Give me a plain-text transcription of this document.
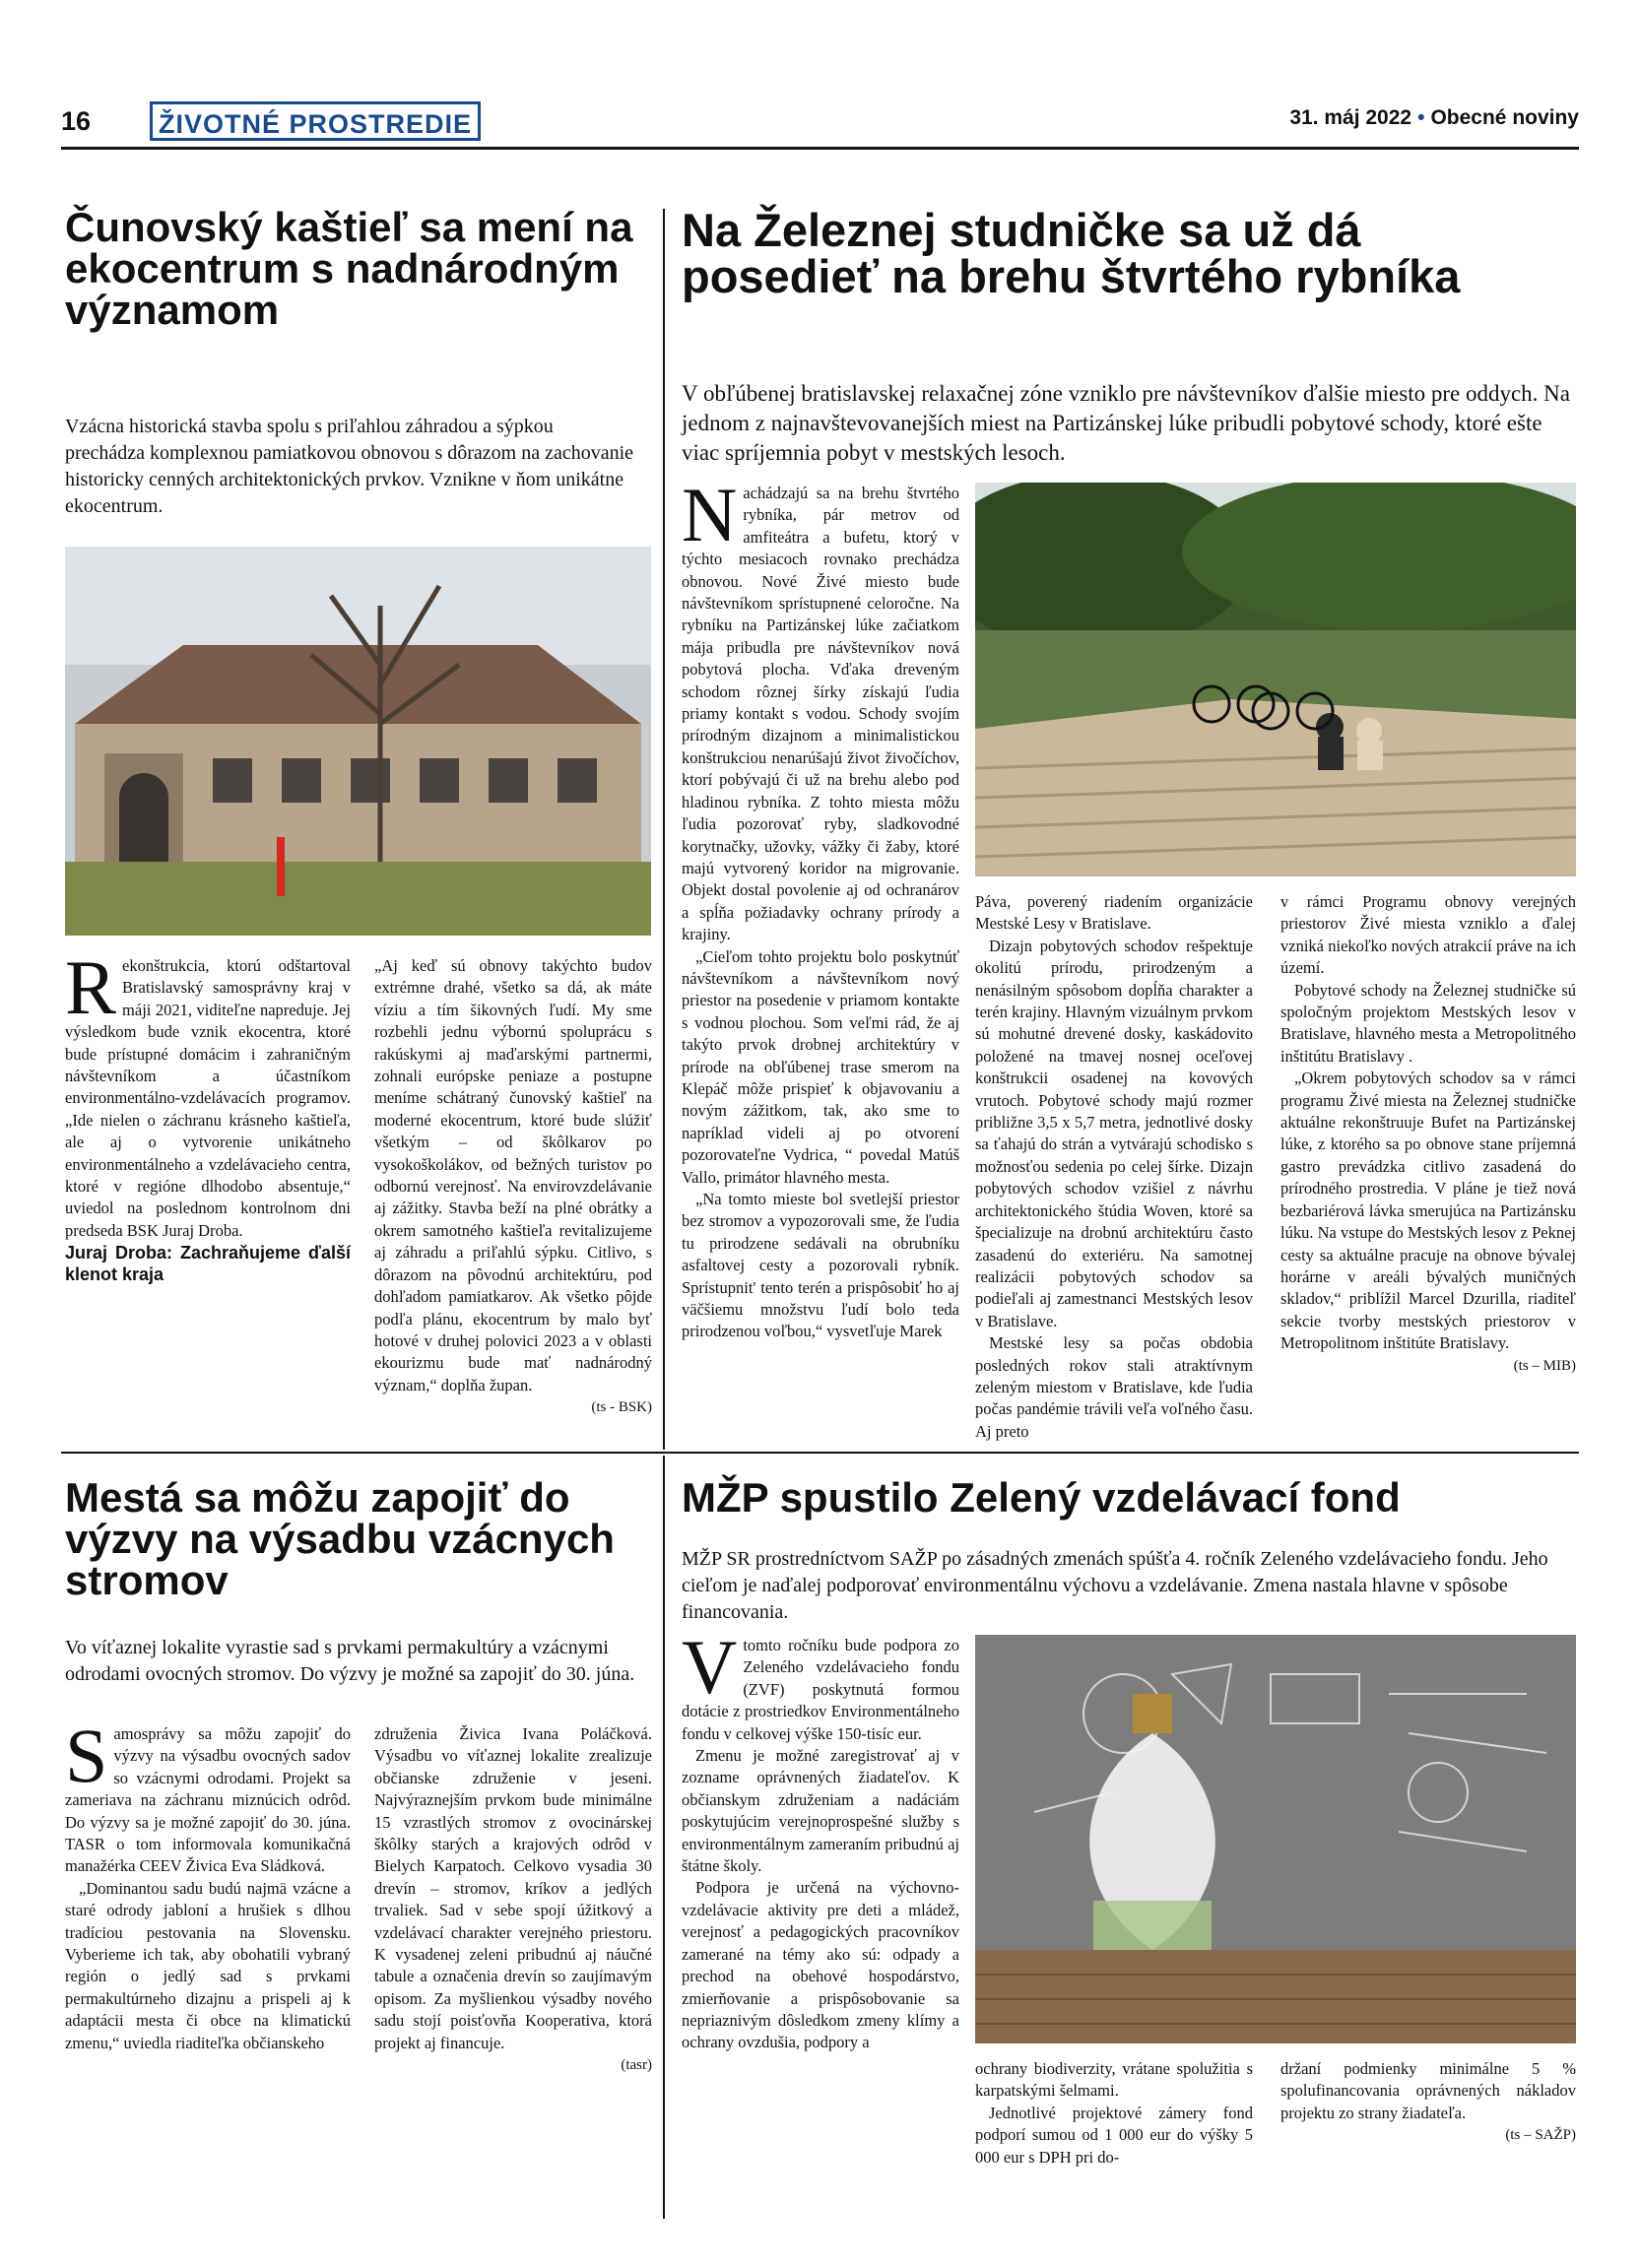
16	ŽIVOTNÉ PROSTREDIE	31. máj 2022 • Obecné noviny
Čunovský kaštieľ sa mení na ekocentrum s nadnárodným významom
Vzácna historická stavba spolu s priľahlou záhradou a sýpkou prechádza komplexnou pamiatkovou obnovou s dôrazom na zachovanie historicky cenných architektonických prvkov. Vznikne v ňom unikátne ekocentrum.

Rekonštrukcia, ktorú odštartoval Bratislavský samosprávny kraj v máji 2021, viditeľne napreduje. Jej výsledkom bude vznik ekocentra, ktoré bude prístupné domácim i zahraničným návštevníkom a účastníkom environmentálno-vzdelávacích programov. „Ide nielen o záchranu krásneho kaštieľa, ale aj o vytvorenie unikátneho environmentálneho a vzdelávacieho centra, ktoré v regióne dlhodobo absentuje,“ uviedol na poslednom kontrolnom dni predseda BSK Juraj Droba.

Juraj Droba: Zachraňujeme ďalší klenot kraja

„Aj keď sú obnovy takýchto budov extrémne drahé, všetko sa dá, ak máte víziu a tím šikovných ľudí. My sme rozbehli jednu výbornú spoluprácu s rakúskymi aj maďarskými partnermi, zohnali európske peniaze a postupne meníme schátraný čunovský kaštieľ na moderné ekocentrum, ktoré bude slúžiť všetkým – od škôlkarov po vysokoškolákov, od bežných turistov po odbornú verejnosť. Na envirovzdelávanie aj zážitky. Stavba beží na plné obrátky a okrem samotného kaštieľa revitalizujeme aj záhradu a priľahlú sýpku. Citlivo, s dôrazom na pôvodnú architektúru, pod dohľadom pamiatkarov. Ak všetko pôjde podľa plánu, ekocentrum by malo byť hotové v druhej polovici 2023 a v oblasti ekourizmu bude mať nadnárodný význam,“ doplňa župan.

(ts - BSK)

Na Železnej studničke sa už dá posedieť na brehu štvrtého rybníka
V obľúbenej bratislavskej relaxačnej zóne vzniklo pre návštevníkov ďalšie miesto pre oddych. Na jednom z najnavštevovanejších miest na Partizánskej lúke pribudli pobytové schody, ktoré ešte viac spríjemnia pobyt v mestských lesoch.

Nachádzajú sa na brehu štvrtého rybníka, pár metrov od amfiteátra a bufetu, ktorý v týchto mesiacoch rovnako prechádza obnovou. Nové Živé miesto bude návštevníkom sprístupnené celoročne. Na rybníku na Partizánskej lúke začiatkom mája pribudla pre návštevníkov nová pobytová plocha. Vďaka dreveným schodom rôznej šírky získajú ľudia priamy kontakt s vodou. Schody svojím prírodným dizajnom a minimalistickou konštrukciou nenarúšajú život živočíchov, ktorí pobývajú či už na brehu alebo pod hladinou rybníka. Z tohto miesta môžu ľudia pozorovať ryby, sladkovodné korytnačky, užovky, vážky či žaby, ktoré majú vytvorený koridor na migrovanie. Objekt dostal povolenie aj od ochranárov a spĺňa požiadavky ochrany prírody a krajiny.

„Cieľom tohto projektu bolo poskytnúť návštevníkom a návštevníkom nový priestor na posedenie v priamom kontakte s vodnou plochou. Som veľmi rád, že aj takýto prvok drobnej architektúry v prírode na obľúbenej trase smerom na Klepáč môže prispieť k objavovaniu a novým zážitkom, tak, ako sme to napríklad videli aj po otvorení pozorovateľne Vydrica, “ povedal Matúš Vallo, primátor hlavného mesta.

„Na tomto mieste bol svetlejší priestor bez stromov a vypozorovali sme, že ľudia tu prirodzene sedávali na obrubníku asfaltovej cesty a pozorovali rybník. Sprístupnit' tento terén a prispôsobiť ho aj väčšiemu množstvu ľudí bolo teda prirodzenou voľbou,“ vysvetľuje Marek

Páva, poverený riadením organizácie Mestské Lesy v Bratislave.

Dizajn pobytových schodov rešpektuje okolitú prírodu, prirodzeným a nenásilným spôsobom dopĺňa charakter a terén krajiny. Hlavným vizuálnym prvkom sú mohutné drevené dosky, kaskádovito položené na tmavej nosnej oceľovej konštrukcii osadenej na kovových vrutoch. Pobytové schody majú rozmer približne 3,5 x 5,7 metra, jednotlivé dosky sa ťahajú do strán a vytvárajú schodisko s možnosťou sedenia po celej šírke. Dizajn pobytových schodov vzišiel z návrhu architektonického štúdia Woven, ktoré sa špecializuje na drobnú architektúru často zasadenú do exteriéru. Na samotnej realizácii pobytových schodov sa podieľali aj zamestnanci Mestských lesov v Bratislave.

Mestské lesy sa počas obdobia posledných rokov stali atraktívnym zeleným miestom v Bratislave, kde ľudia počas pandémie trávili veľa voľného času. Aj preto

v rámci Programu obnovy verejných priestorov Živé miesta vzniklo a ďalej vzniká niekoľko nových atrakcií práve na ich území.

Pobytové schody na Železnej studničke sú spoločným projektom Mestských lesov v Bratislave, hlavného mesta a Metropolitného inštitútu Bratislavy .

„Okrem pobytových schodov sa v rámci programu Živé miesta na Železnej studničke aktuálne rekonštruuje Bufet na Partizánskej lúke, z ktorého sa po obnove stane príjemná gastro prevádzka citlivo zasadená do prírodného prostredia. V pláne je tiež nová bezbariérová lávka smerujúca na Partizánsku lúku. Na vstupe do Mestských lesov z Peknej cesty sa aktuálne pracuje na obnove bývalej horárne v areáli bývalých muničných skladov,“ priblížil Marcel Dzurilla, riaditeľ sekcie tvorby mestských priestorov v Metropolitnom inštitúte Bratislavy.

(ts – MIB)

Mestá sa môžu zapojiť do výzvy na výsadbu vzácnych stromov
Vo víťaznej lokalite vyrastie sad s prvkami permakultúry a vzácnymi odrodami ovocných stromov. Do výzvy je možné sa zapojiť do 30. júna.

Samosprávy sa môžu zapojiť do výzvy na výsadbu ovocných sadov so vzácnymi odrodami. Projekt sa zameriava na záchranu miznúcich odrôd. Do výzvy sa je možné zapojiť do 30. júna. TASR o tom informovala komunikačná manažérka CEEV Živica Eva Sládková.

„Dominantou sadu budú najmä vzácne a staré odrody jabloní a hrušiek s dlhou tradíciou pestovania na Slovensku. Vyberieme ich tak, aby obohatili vybraný región o jedlý sad s prvkami permakultúrneho dizajnu a prispeli aj k adaptácii mesta či obce na klimatickú zmenu,“ uviedla riaditeľka občianskeho

združenia Živica Ivana Poláčková. Výsadbu vo víťaznej lokalite zrealizuje občianske združenie v jeseni. Najvýraznejším prvkom bude minimálne 15 vzrastlých stromov z ovocinárskej škôlky starých a krajových odrôd v Bielych Karpatoch. Celkovo vysadia 30 drevín – stromov, kríkov a jedlých trvaliek. Sad v sebe spojí úžitkový a vzdelávací charakter verejného priestoru. K vysadenej zeleni pribudnú aj náučné tabule a označenia drevín so zaujímavým opisom. Za myšlienkou výsadby nového sadu stojí poisťovňa Kooperativa, ktorá projekt aj financuje.

(tasr)

MŽP spustilo Zelený vzdelávací fond
MŽP SR prostredníctvom SAŽP po zásadných zmenách spúšťa 4. ročník Zeleného vzdelávacieho fondu. Jeho cieľom je naďalej podporovať environmentálnu výchovu a vzdelávanie. Zmena nastala hlavne v spôsobe financovania.

Vtomto ročníku bude podpora zo Zeleného vzdelávacieho fondu (ZVF) poskytnutá formou dotácie z prostriedkov Environmentálneho fondu v celkovej výške 150-tisíc eur.

Zmenu je možné zaregistrovať aj v zozname oprávnených žiadateľov. K občianskym združeniam a nadáciám poskytujúcim verejnoprospešné služby s environmentálnym zameraním pribudnú aj štátne školy.

Podpora je určená na výchovno-vzdelávacie aktivity pre deti a mládež, verejnosť a pedagogických pracovníkov zamerané na témy ako sú: odpady a prechod na obehové hospodárstvo, zmierňovanie a prispôsobovanie sa nepriaznivým dôsledkom zmeny klímy a ochrany ovzdušia, podpory a

ochrany biodiverzity, vrátane spolužitia s karpatskými šelmami.

Jednotlivé projektové zámery fond podporí sumou od 1 000 eur do výšky 5 000 eur s DPH pri do-

držaní podmienky minimálne 5 % spolufinancovania oprávnených nákladov projektu zo strany žiadateľa.

(ts – SAŽP)
